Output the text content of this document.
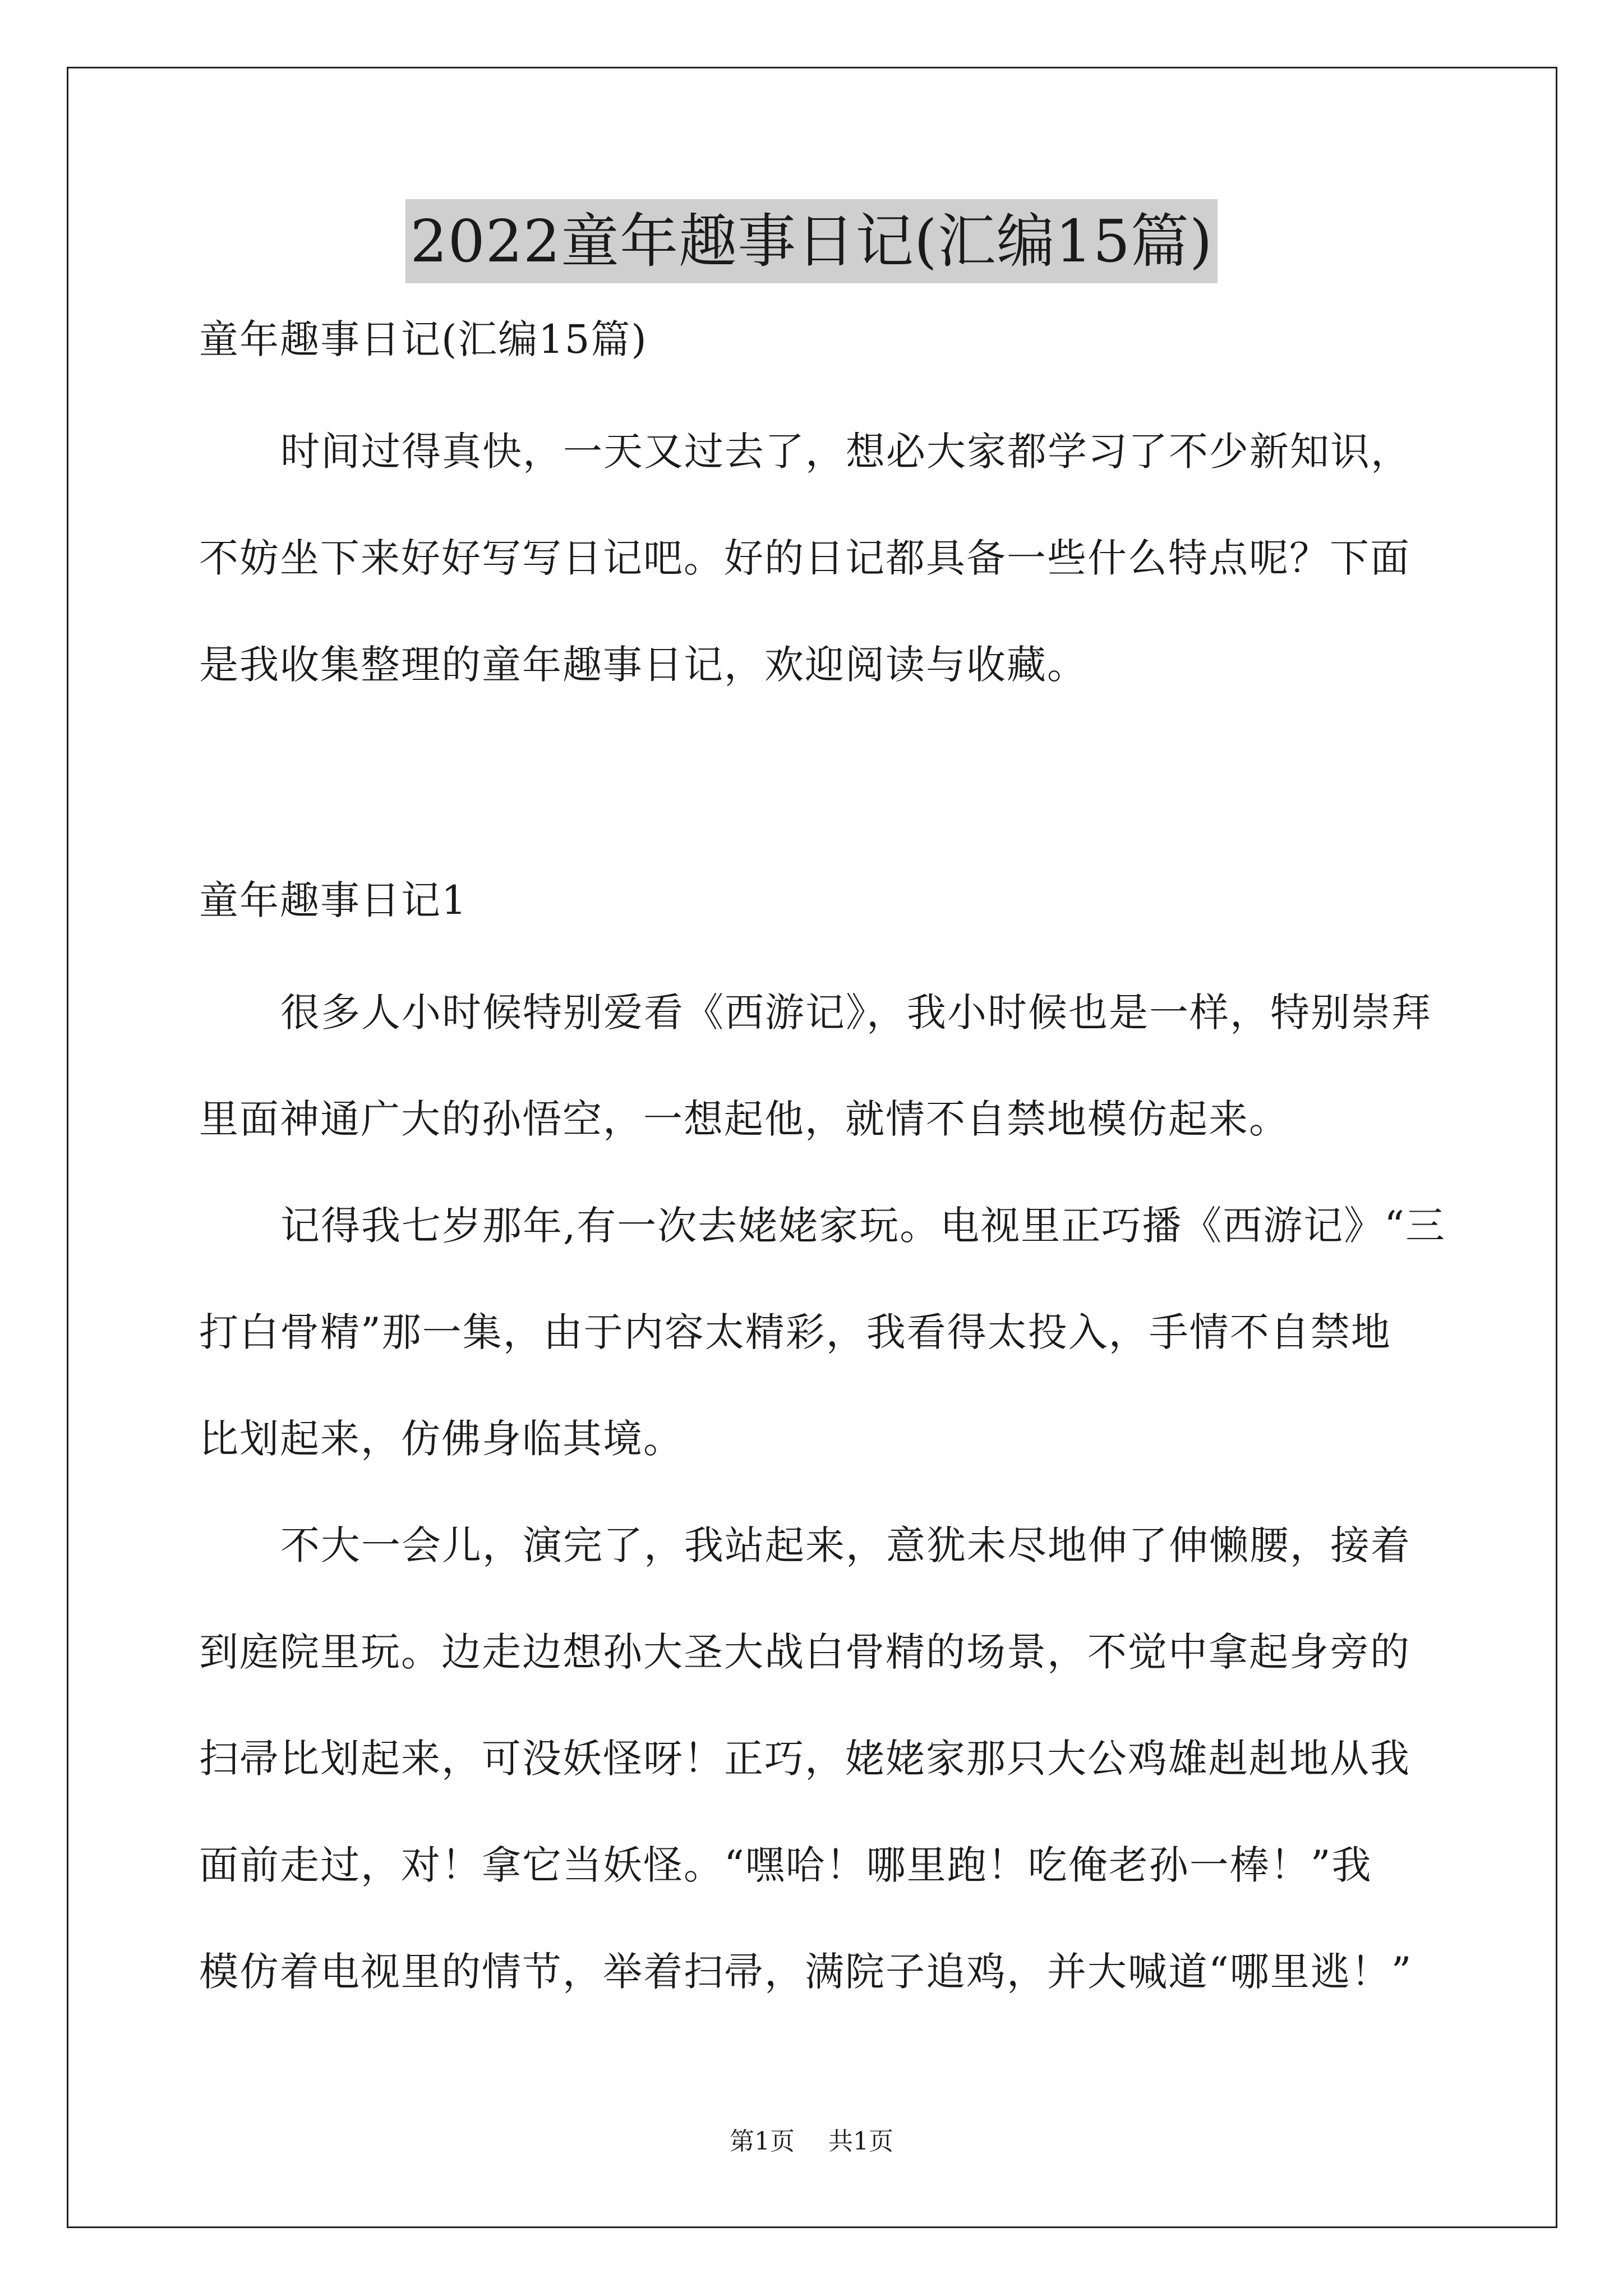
2022童年趣事日记(汇编15篇)
童年趣事日记(汇编15篇)
时间过得真快，一天又过去了，想必大家都学习了不少新知识，
不妨坐下来好好写写日记吧。好的日记都具备一些什么特点呢？下面
是我收集整理的童年趣事日记，欢迎阅读与收藏。
童年趣事日记1
很多人小时候特别爱看《西游记》，我小时候也是一样，特别崇拜
里面神通广大的孙悟空，一想起他，就情不自禁地模仿起来。
记得我七岁那年,有一次去姥姥家玩。电视里正巧播《西游记》“三
打白骨精”那一集，由于内容太精彩，我看得太投入，手情不自禁地
比划起来，仿佛身临其境。
不大一会儿，演完了，我站起来，意犹未尽地伸了伸懒腰，接着
到庭院里玩。边走边想孙大圣大战白骨精的场景，不觉中拿起身旁的
扫帚比划起来，可没妖怪呀！正巧，姥姥家那只大公鸡雄赳赳地从我
面前走过，对！拿它当妖怪。“嘿哈！哪里跑！吃俺老孙一棒！”我
模仿着电视里的情节，举着扫帚，满院子追鸡，并大喊道“哪里逃！”
第1页 共1页
